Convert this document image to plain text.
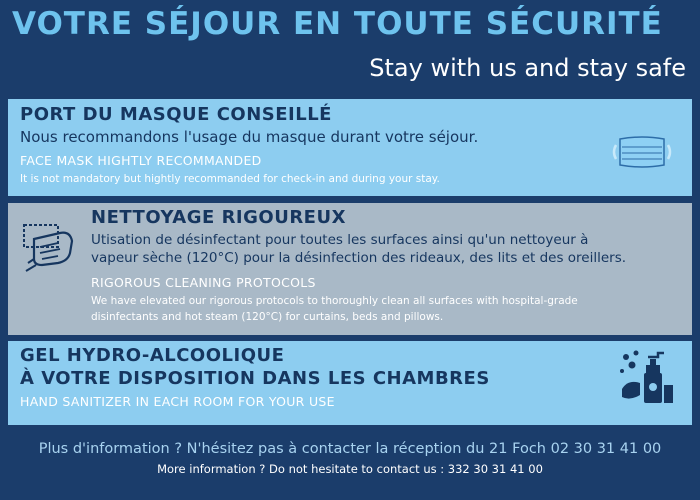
VOTRE SÉJOUR EN TOUTE SÉCURITÉ
Stay with us and stay safe
PORT DU MASQUE CONSEILLÉ
Nous recommandons l'usage du masque durant votre séjour.
FACE MASK HIGHTLY RECOMMANDED
It is not mandatory but hightly recommanded for check-in and during your stay.
NETTOYAGE RIGOUREUX
Utisation de désinfectant pour toutes les surfaces ainsi qu'un nettoyeur à
vapeur sèche (120°C) pour la désinfection des rideaux, des lits et des oreillers.
RIGOROUS CLEANING PROTOCOLS
We have elevated our rigorous protocols to thoroughly clean all surfaces with hospital-grade
disinfectants and hot steam (120°C) for curtains, beds and pillows.
GEL HYDRO-ALCOOLIQUE
À VOTRE DISPOSITION DANS LES CHAMBRES
HAND SANITIZER IN EACH ROOM FOR YOUR USE
Plus d'information ? N'hésitez pas à contacter la réception du 21 Foch 02 30 31 41 00
More information ? Do not hesitate to contact us : 332 30 31 41 00
